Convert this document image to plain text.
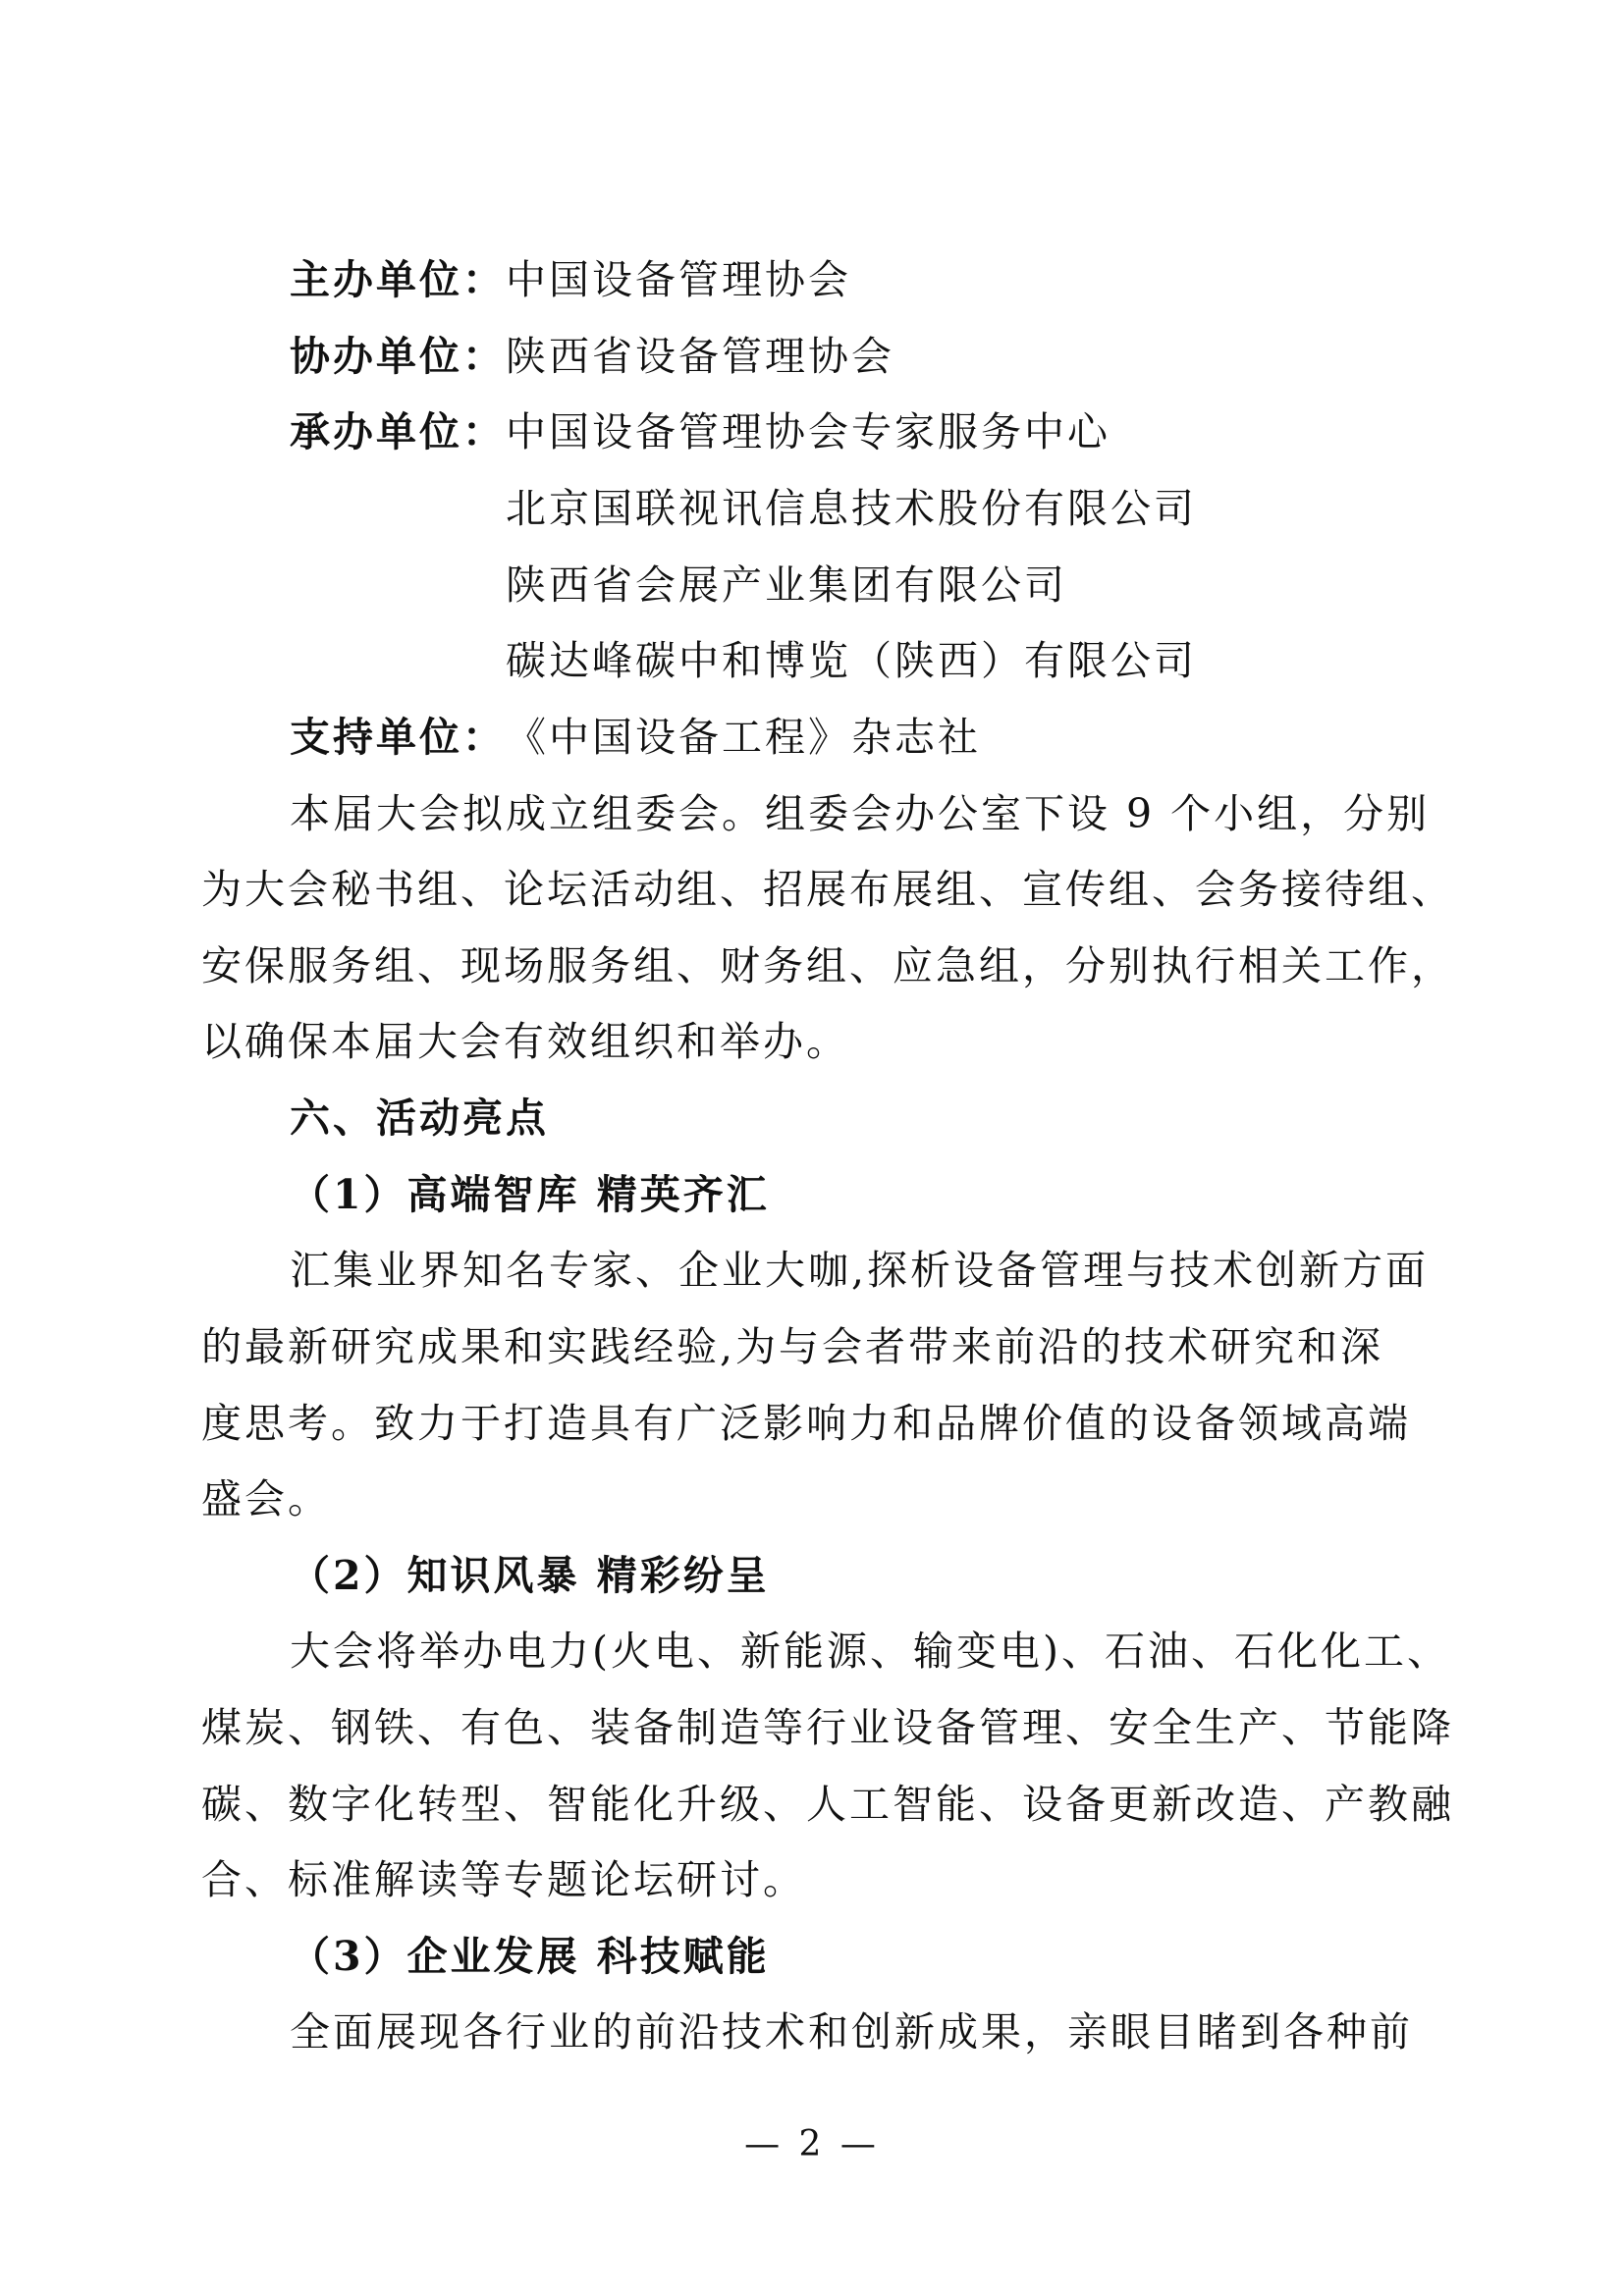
主办单位：中国设备管理协会
协办单位：陕西省设备管理协会
承办单位：中国设备管理协会专家服务中心
北京国联视讯信息技术股份有限公司
陕西省会展产业集团有限公司
碳达峰碳中和博览（陕西）有限公司
支持单位：《中国设备工程》杂志社
本届大会拟成立组委会。组委会办公室下设 9 个小组，分别
为大会秘书组、论坛活动组、招展布展组、宣传组、会务接待组、
安保服务组、现场服务组、财务组、应急组，分别执行相关工作，
以确保本届大会有效组织和举办。
六、活动亮点
（1）高端智库 精英齐汇
汇集业界知名专家、企业大咖,探析设备管理与技术创新方面
的最新研究成果和实践经验,为与会者带来前沿的技术研究和深
度思考。致力于打造具有广泛影响力和品牌价值的设备领域高端
盛会。
（2）知识风暴 精彩纷呈
大会将举办电力(火电、新能源、输变电)、石油、石化化工、
煤炭、钢铁、有色、装备制造等行业设备管理、安全生产、节能降
碳、数字化转型、智能化升级、人工智能、设备更新改造、产教融
合、标准解读等专题论坛研讨。
（3）企业发展 科技赋能
全面展现各行业的前沿技术和创新成果，亲眼目睹到各种前
— 2 —
